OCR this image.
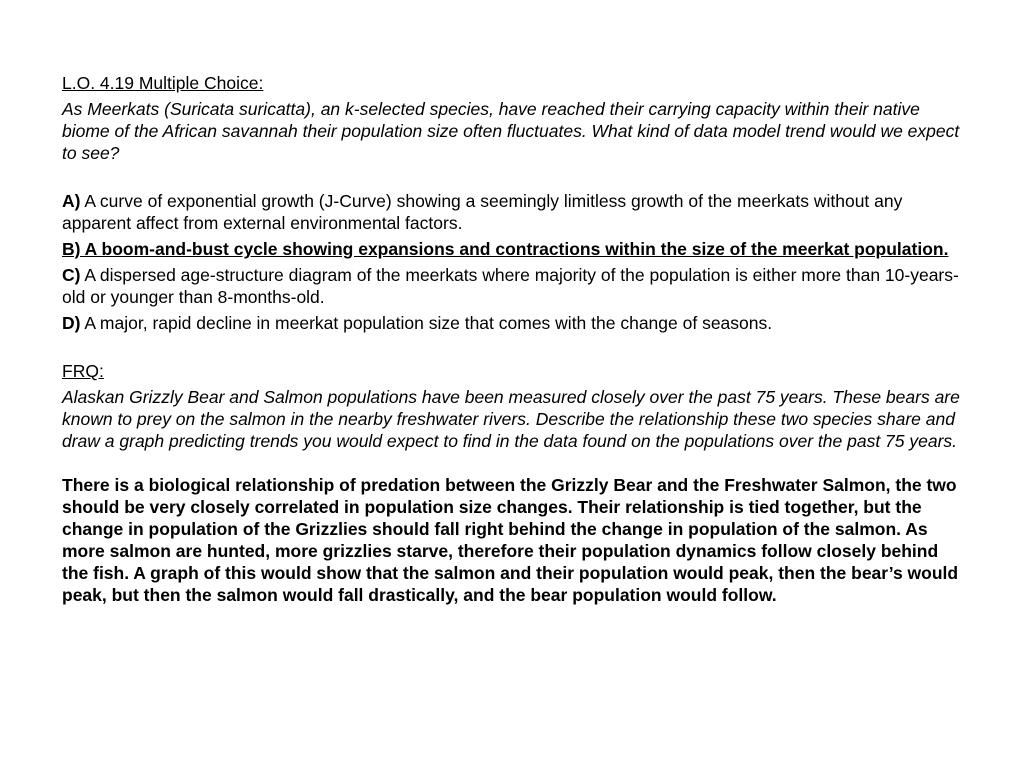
L.O. 4.19 Multiple Choice:

As Meerkats (Suricata suricatta), an k-selected species, have reached their carrying capacity within their native biome of the African savannah their population size often fluctuates. What kind of data model trend would we expect to see?

A) A curve of exponential growth (J-Curve) showing a seemingly limitless growth of the meerkats without any apparent affect from external environmental factors.

B) A boom-and-bust cycle showing expansions and contractions within the size of the meerkat population.

C) A dispersed age-structure diagram of the meerkats where majority of the population is either more than 10-years-old or younger than 8-months-old.

D) A major, rapid decline in meerkat population size that comes with the change of seasons.

FRQ:

Alaskan Grizzly Bear and Salmon populations have been measured closely over the past 75 years. These bears are known to prey on the salmon in the nearby freshwater rivers. Describe the relationship these two species share and draw a graph predicting trends you would expect to find in the data found on the populations over the past 75 years.

There is a biological relationship of predation between the Grizzly Bear and the Freshwater Salmon, the two should be very closely correlated in population size changes. Their relationship is tied together, but the change in population of the Grizzlies should fall right behind the change in population of the salmon. As more salmon are hunted, more grizzlies starve, therefore their population dynamics follow closely behind the fish. A graph of this would show that the salmon and their population would peak, then the bear’s would peak, but then the salmon would fall drastically, and the bear population would follow.
